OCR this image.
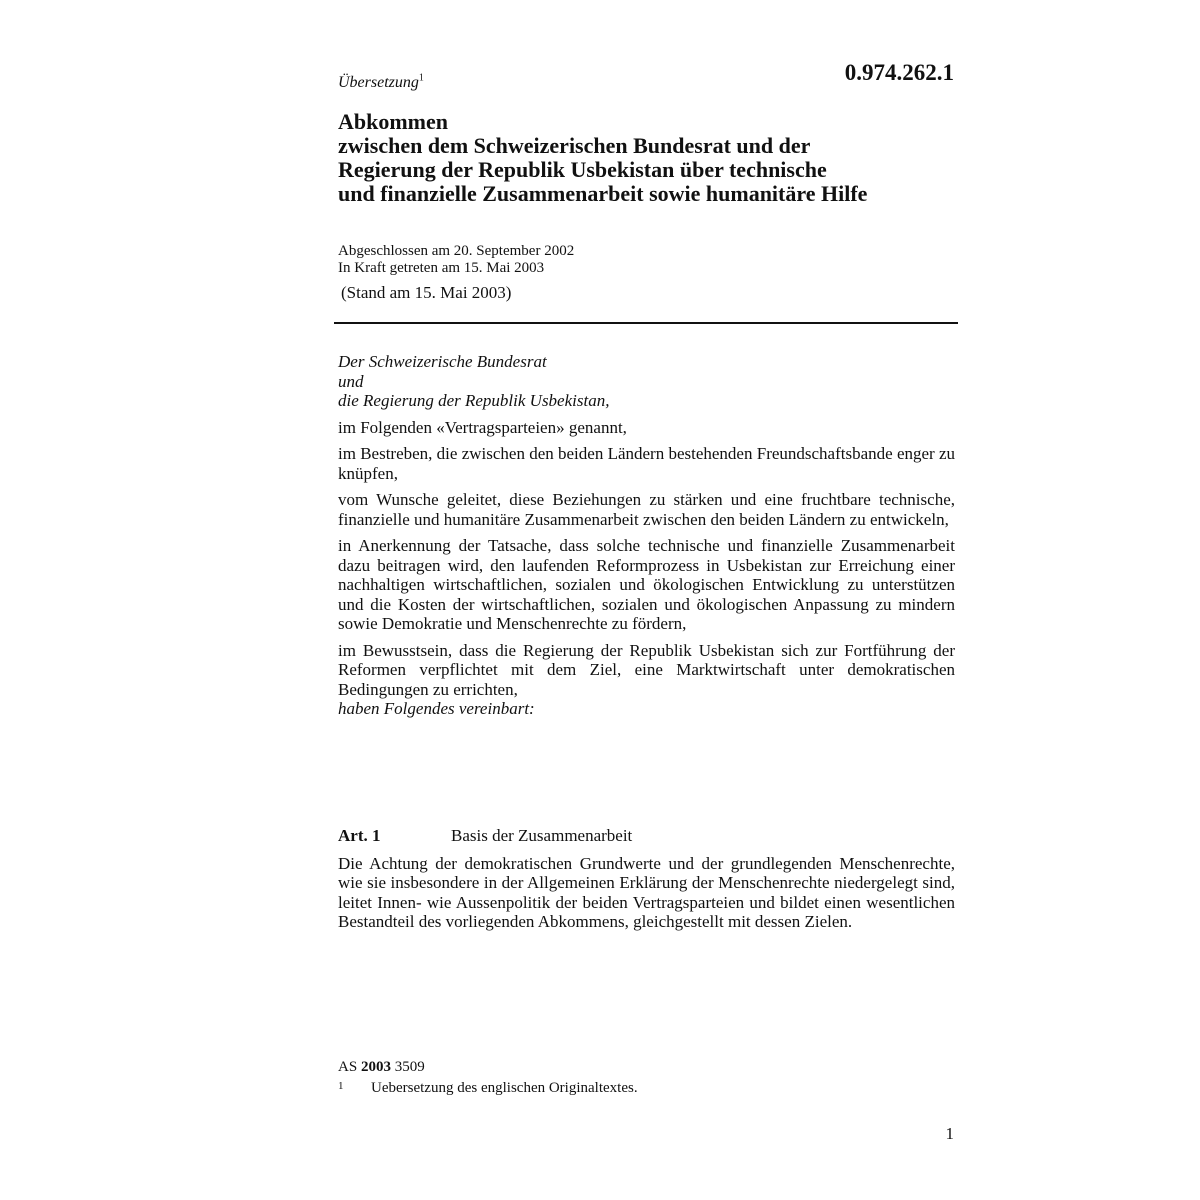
Übersetzung$^1$	0.974.262.1
Abkommen
zwischen dem Schweizerischen Bundesrat und der
Regierung der Republik Usbekistan über technische
und finanzielle Zusammenarbeit sowie humanitäre Hilfe
Abgeschlossen am 20. September 2002
In Kraft getreten am 15. Mai 2003
(Stand am 15. Mai 2003)

Der Schweizerische Bundesrat

und

die Regierung der Republik Usbekistan,

im Folgenden «Vertragsparteien» genannt,

im Bestreben, die zwischen den beiden Ländern bestehenden Freundschaftsbande enger zu knüpfen,

vom Wunsche geleitet, diese Beziehungen zu stärken und eine fruchtbare technische, finanzielle und humanitäre Zusammenarbeit zwischen den beiden Ländern zu entwickeln,

in Anerkennung der Tatsache, dass solche technische und finanzielle Zusammenarbeit dazu beitragen wird, den laufenden Reformprozess in Usbekistan zur Erreichung einer nachhaltigen wirtschaftlichen, sozialen und ökologischen Entwicklung zu unterstützen und die Kosten der wirtschaftlichen, sozialen und ökologischen Anpassung zu mindern sowie Demokratie und Menschenrechte zu fördern,

im Bewusstsein, dass die Regierung der Republik Usbekistan sich zur Fortführung der Reformen verpflichtet mit dem Ziel, eine Marktwirtschaft unter demokratischen Bedingungen zu errichten,

haben Folgendes vereinbart:

Art. 1	Basis der Zusammenarbeit

Die Achtung der demokratischen Grundwerte und der grundlegenden Menschenrechte, wie sie insbesondere in der Allgemeinen Erklärung der Menschenrechte niedergelegt sind, leitet Innen- wie Aussenpolitik der beiden Vertragsparteien und bildet einen wesentlichen Bestandteil des vorliegenden Abkommens, gleichgestellt mit dessen Zielen.

AS 2003 3509
1 Uebersetzung des englischen Originaltextes.
1
